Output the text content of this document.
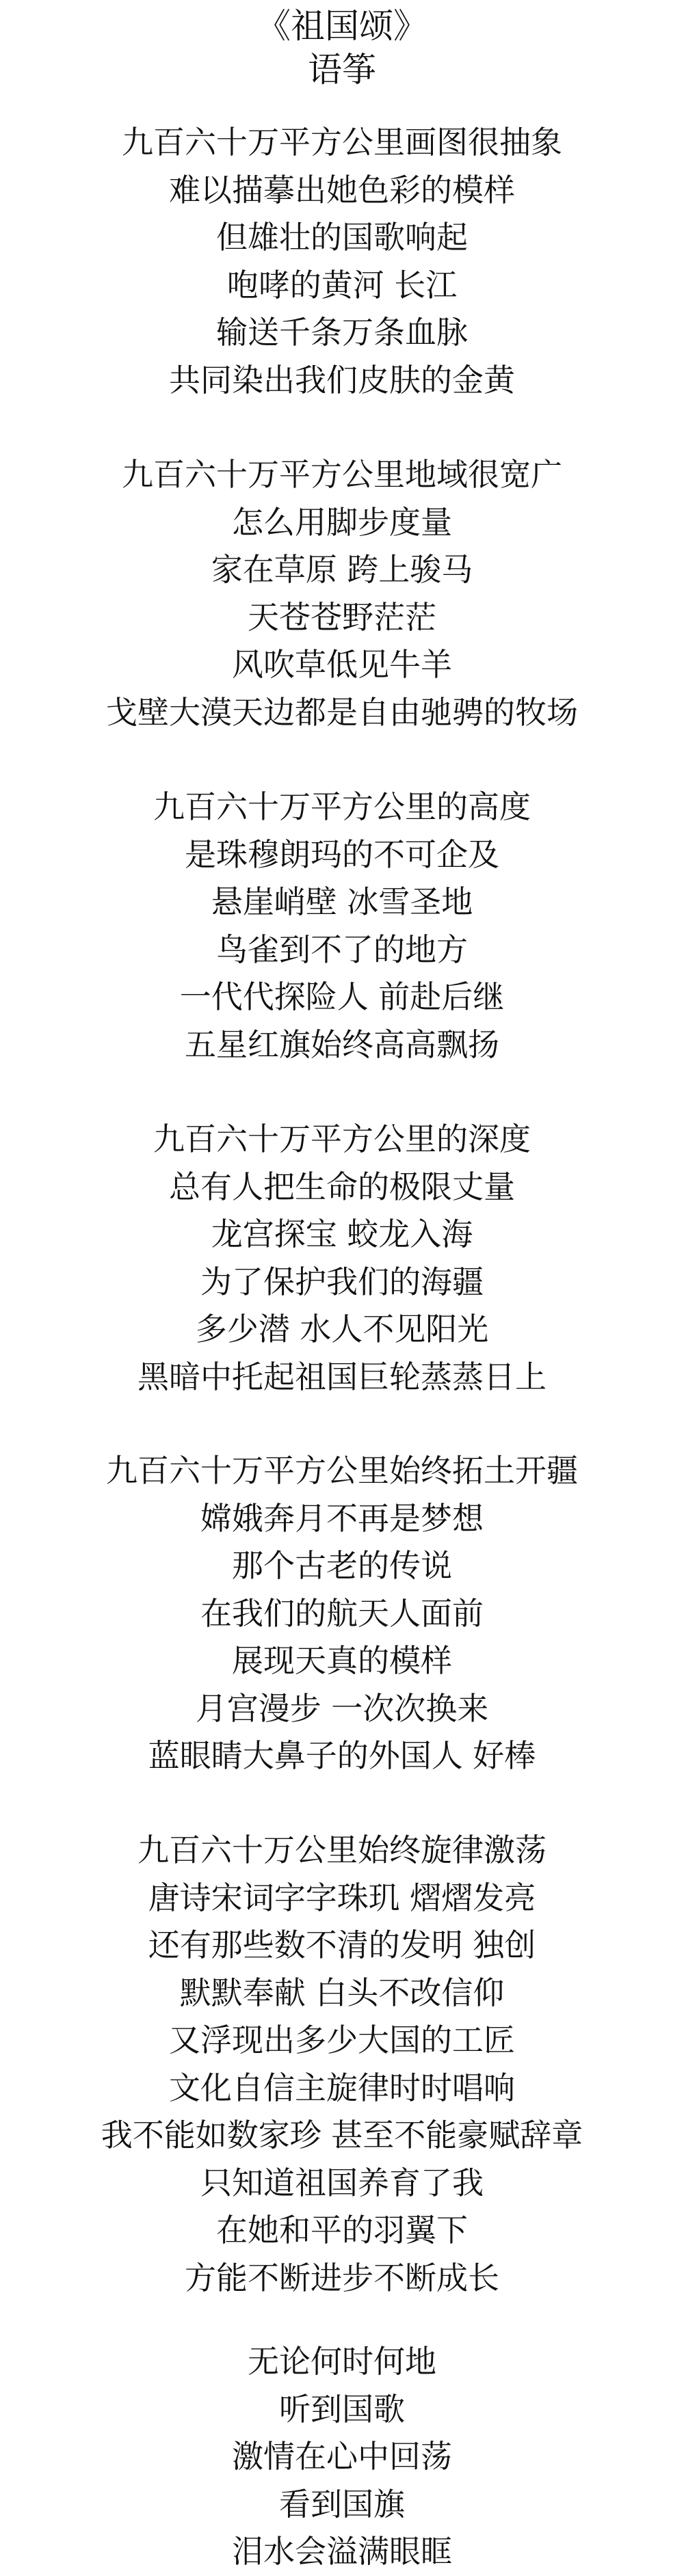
《祖国颂》
语筝
九百六十万平方公里画图很抽象
难以描摹出她色彩的模样
但雄壮的国歌响起
咆哮的黄河 长江
输送千条万条血脉
共同染出我们皮肤的金黄
九百六十万平方公里地域很宽广
怎么用脚步度量
家在草原 跨上骏马
天苍苍野茫茫
风吹草低见牛羊
戈壁大漠天边都是自由驰骋的牧场
九百六十万平方公里的高度
是珠穆朗玛的不可企及
悬崖峭壁 冰雪圣地
鸟雀到不了的地方
一代代探险人 前赴后继
五星红旗始终高高飘扬
九百六十万平方公里的深度
总有人把生命的极限丈量
龙宫探宝 蛟龙入海
为了保护我们的海疆
多少潜 水人不见阳光
黑暗中托起祖国巨轮蒸蒸日上
九百六十万平方公里始终拓土开疆
嫦娥奔月不再是梦想
那个古老的传说
在我们的航天人面前
展现天真的模样
月宫漫步 一次次换来
蓝眼睛大鼻子的外国人 好棒
九百六十万公里始终旋律激荡
唐诗宋词字字珠玑 熠熠发亮
还有那些数不清的发明 独创
默默奉献 白头不改信仰
又浮现出多少大国的工匠
文化自信主旋律时时唱响
我不能如数家珍 甚至不能豪赋辞章
只知道祖国养育了我
在她和平的羽翼下
方能不断进步不断成长
无论何时何地
听到国歌
激情在心中回荡
看到国旗
泪水会溢满眼眶
